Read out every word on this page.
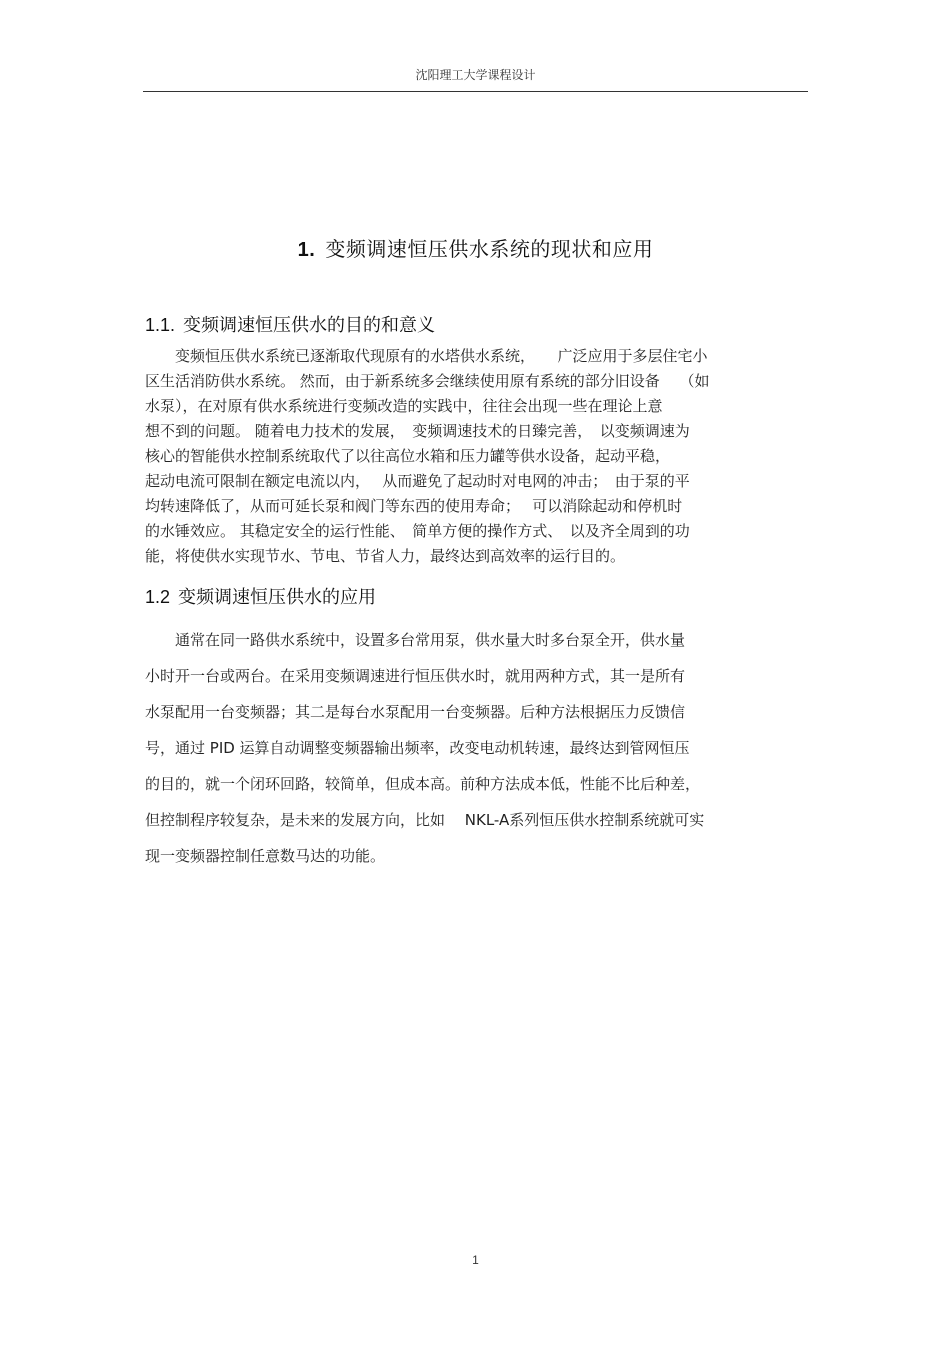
沈阳理工大学课程设计
1. 变频调速恒压供水系统的现状和应用
1.1. 变频调速恒压供水的目的和意义
　　变频恒压供水系统已逐渐取代现原有的水塔供水系统，　　广泛应用于多层住宅小
区生活消防供水系统。 然而，由于新系统多会继续使用原有系统的部分旧设备　 （如
水泵），在对原有供水系统进行变频改造的实践中，往往会出现一些在理论上意
想不到的问题。 随着电力技术的发展，　变频调速技术的日臻完善，　以变频调速为
核心的智能供水控制系统取代了以往高位水箱和压力罐等供水设备，起动平稳，
起动电流可限制在额定电流以内，　 从而避免了起动时对电网的冲击；　由于泵的平
均转速降低了，从而可延长泵和阀门等东西的使用寿命；　 可以消除起动和停机时
的水锤效应。 其稳定安全的运行性能、　简单方便的操作方式、　以及齐全周到的功
能，将使供水实现节水、节电、节省人力，最终达到高效率的运行目的。
1.2 变频调速恒压供水的应用
　　通常在同一路供水系统中，设置多台常用泵，供水量大时多台泵全开，供水量
小时开一台或两台。在采用变频调速进行恒压供水时，就用两种方式，其一是所有
水泵配用一台变频器；其二是每台水泵配用一台变频器。后种方法根据压力反馈信
号，通过 PID 运算自动调整变频器输出频率，改变电动机转速，最终达到管网恒压
的目的，就一个闭环回路，较简单，但成本高。前种方法成本低，性能不比后种差，
但控制程序较复杂，是未来的发展方向，比如　 NKL-A系列恒压供水控制系统就可实
现一变频器控制任意数马达的功能。
1
